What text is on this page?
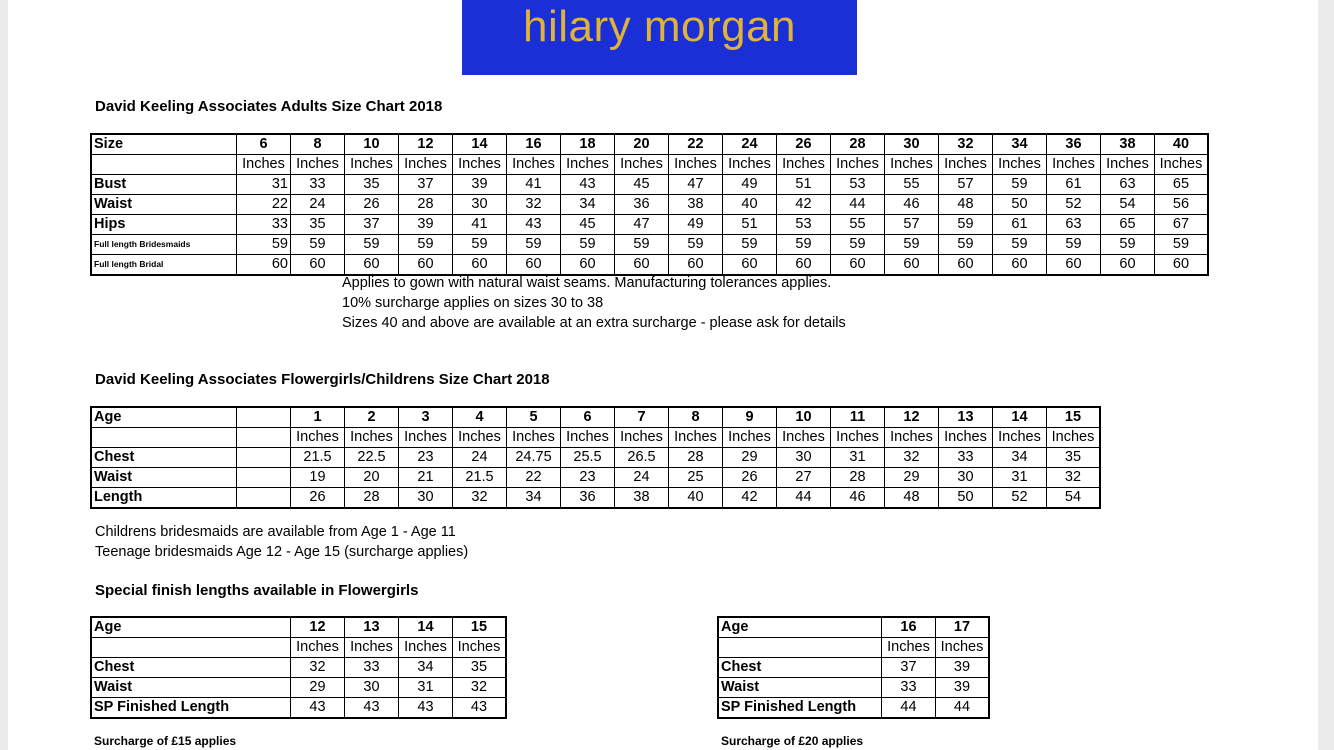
hilary morgan
David Keeling Associates Adults Size Chart 2018
Size	6	8	10	12	14	16	18	20	22	24	26	28	30	32	34	36	38	40
Inches Inches Inches Inches Inches Inches Inches Inches Inches Inches Inches Inches Inches Inches Inches Inches Inches Inches
Bust	31	33	35	37	39	41	43	45	47	49	51	53	55	57	59	61	63	65
Waist	22	24	26	28	30	32	34	36	38	40	42	44	46	48	50	52	54	56
Hips	33	35	37	39	41	43	45	47	49	51	53	55	57	59	61	63	65	67
Full length Bridesmaids	59	59	59	59	59	59	59	59	59	59	59	59	59	59	59	59	59	59
Full length Bridal	60	60	60	60	60	60	60	60	60	60	60	60	60	60	60	60	60	60
Applies to gown with natural waist seams. Manufacturing tolerances applies.
10% surcharge applies on sizes 30 to 38
Sizes 40 and above are available at an extra surcharge - please ask for details
David Keeling Associates Flowergirls/Childrens Size Chart 2018
Age	1	2	3	4	5	6	7	8	9	10	11	12	13	14	15
Inches Inches Inches Inches Inches Inches Inches Inches Inches Inches Inches Inches Inches Inches Inches
Chest	21.5	22.5	23	24	24.75	25.5	26.5	28	29	30	31	32	33	34	35
Waist	19	20	21	21.5	22	23	24	25	26	27	28	29	30	31	32
Length	26	28	30	32	34	36	38	40	42	44	46	48	50	52	54
Childrens bridesmaids are available from Age 1 - Age 11
Teenage bridesmaids Age 12 - Age 15 (surcharge applies)
Special finish lengths available in Flowergirls
Age	12	13	14	15
Inches Inches Inches Inches
Chest	32	33	34	35
Waist	29	30	31	32
SP Finished Length	43	43	43	43
Age	16	17
Inches Inches
Chest	37	39
Waist	33	39
SP Finished Length	44	44
Surcharge of £15 applies	Surcharge of £20 applies
